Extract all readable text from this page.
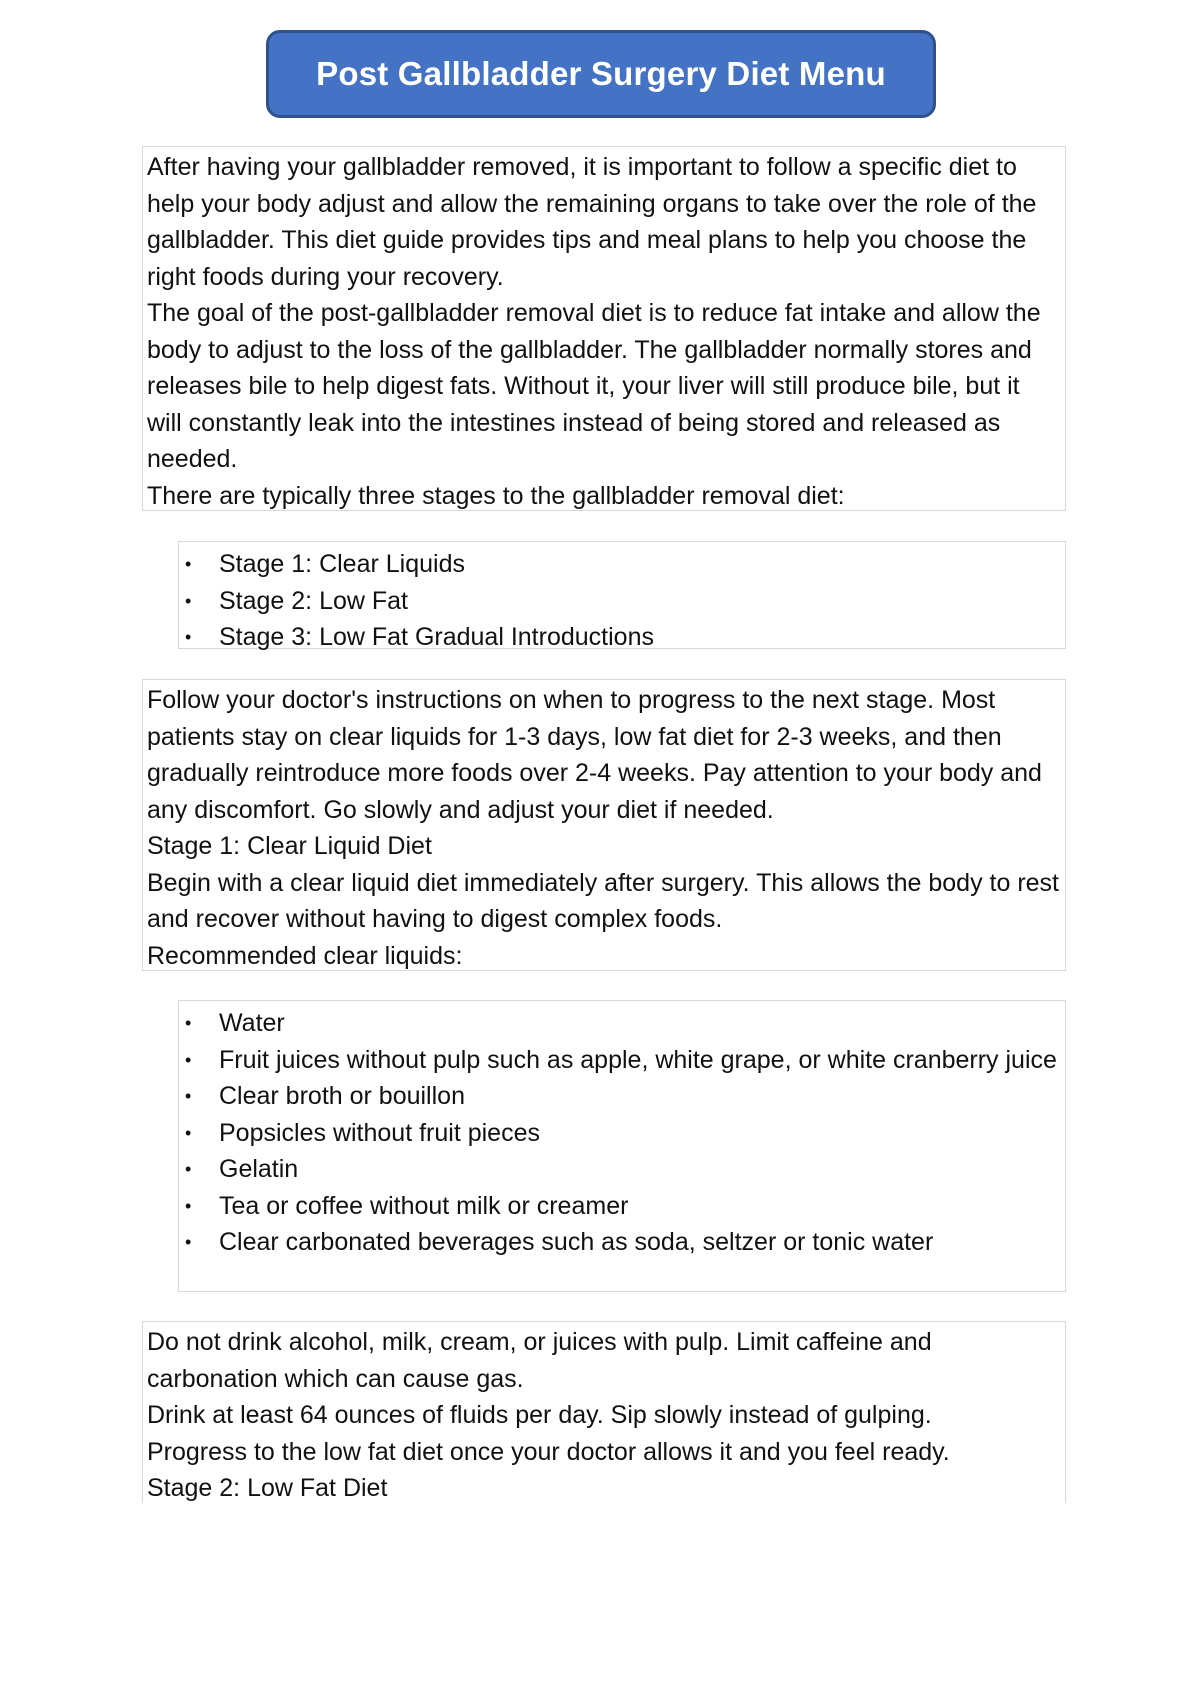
Post Gallbladder Surgery Diet Menu

After having your gallbladder removed, it is important to follow a specific diet to help your body adjust and allow the remaining organs to take over the role of the gallbladder. This diet guide provides tips and meal plans to help you choose the right foods during your recovery.

The goal of the post-gallbladder removal diet is to reduce fat intake and allow the body to adjust to the loss of the gallbladder. The gallbladder normally stores and releases bile to help digest fats. Without it, your liver will still produce bile, but it will constantly leak into the intestines instead of being stored and released as needed.

There are typically three stages to the gallbladder removal diet:

• Stage 1: Clear Liquids
• Stage 2: Low Fat
• Stage 3: Low Fat Gradual Introductions

Follow your doctor's instructions on when to progress to the next stage. Most patients stay on clear liquids for 1-3 days, low fat diet for 2-3 weeks, and then gradually reintroduce more foods over 2-4 weeks. Pay attention to your body and any discomfort. Go slowly and adjust your diet if needed.

Stage 1: Clear Liquid Diet

Begin with a clear liquid diet immediately after surgery. This allows the body to rest and recover without having to digest complex foods.

Recommended clear liquids:

• Water
• Fruit juices without pulp such as apple, white grape, or white cranberry juice
• Clear broth or bouillon
• Popsicles without fruit pieces
• Gelatin
• Tea or coffee without milk or creamer
• Clear carbonated beverages such as soda, seltzer or tonic water

Do not drink alcohol, milk, cream, or juices with pulp. Limit caffeine and carbonation which can cause gas.

Drink at least 64 ounces of fluids per day. Sip slowly instead of gulping.

Progress to the low fat diet once your doctor allows it and you feel ready.

Stage 2: Low Fat Diet
